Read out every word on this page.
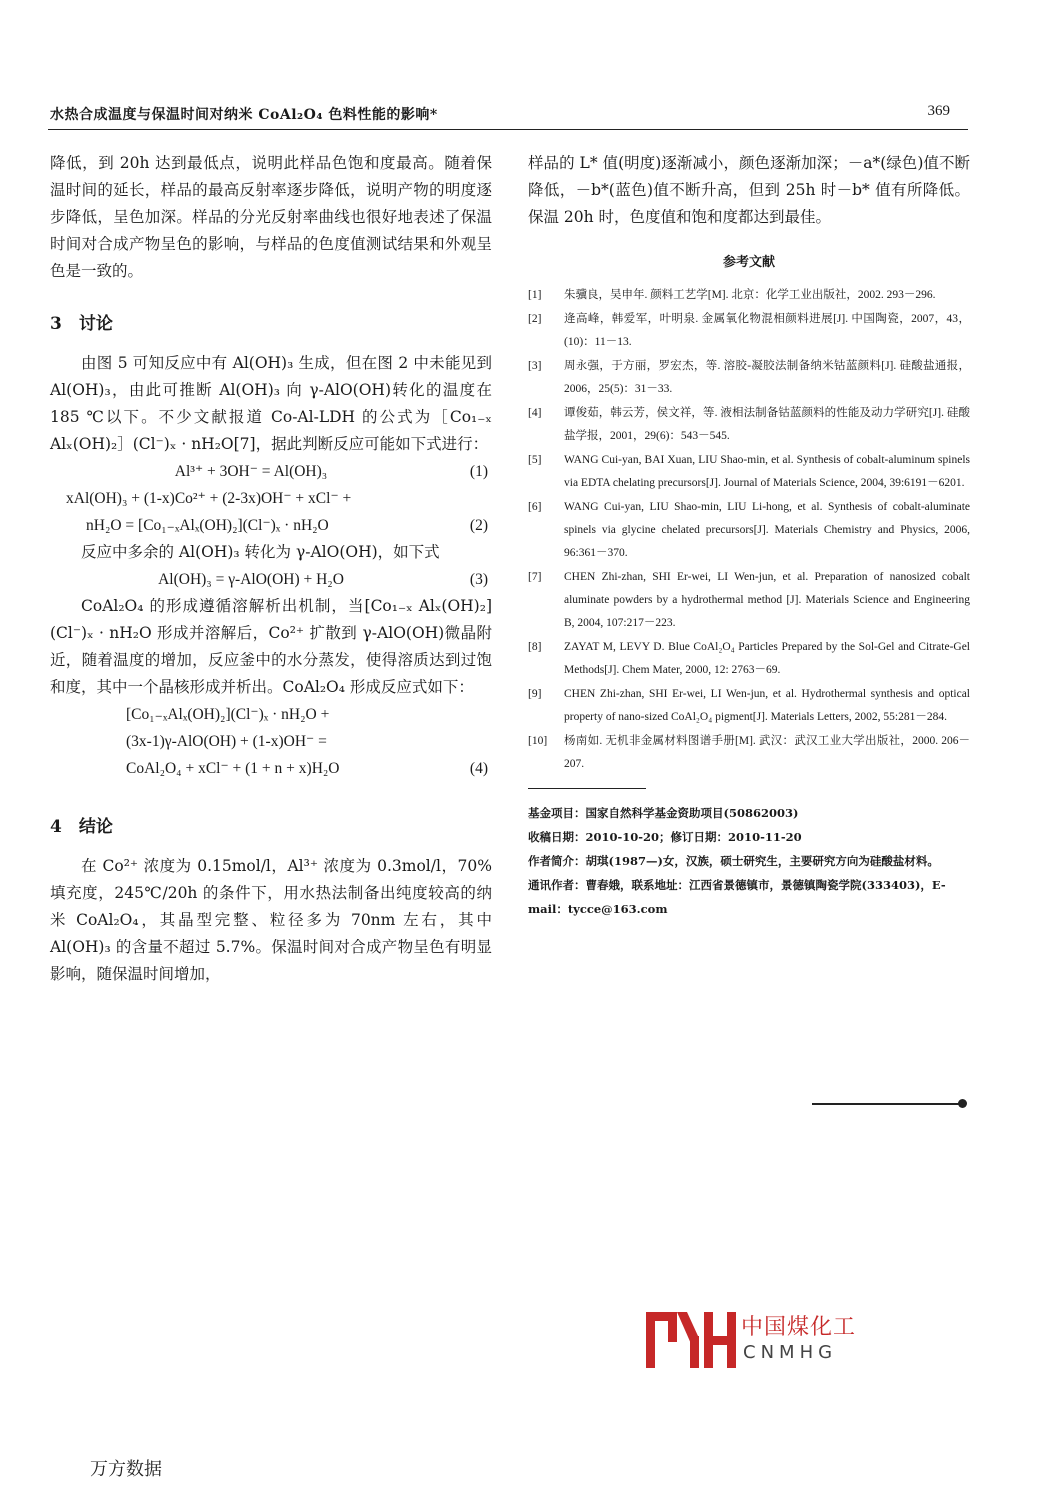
水热合成温度与保温时间对纳米 CoAl₂O₄ 色料性能的影响*	369

降低，到 20h 达到最低点，说明此样品色饱和度最高。随着保温时间的延长，样品的最高反射率逐步降低，说明产物的明度逐步降低，呈色加深。样品的分光反射率曲线也很好地表述了保温时间对合成产物呈色的影响，与样品的色度值测试结果和外观呈色是一致的。

3　讨论

由图 5 可知反应中有 Al(OH)₃ 生成，但在图 2 中未能见到 Al(OH)₃，由此可推断 Al(OH)₃ 向 γ-AlO(OH)转化的温度在 185 ℃以下。不少文献报道 Co-Al-LDH 的公式为［Co₁₋ₓ Alₓ(OH)₂］(Cl⁻)ₓ · nH₂O[7]，据此判断反应可能如下式进行：

Al³⁺ + 3OH⁻ = Al(OH)₃	(1)
xAl(OH)₃ + (1-x)Co²⁺ + (2-3x)OH⁻ + xCl⁻ +
nH₂O = [Co₁₋ₓAlₓ(OH)₂](Cl⁻)ₓ · nH₂O	(2)

反应中多余的 Al(OH)₃ 转化为 γ-AlO(OH)，如下式

Al(OH)₃ = γ-AlO(OH) + H₂O	(3)

CoAl₂O₄ 的形成遵循溶解析出机制，当[Co₁₋ₓ Alₓ(OH)₂](Cl⁻)ₓ · nH₂O 形成并溶解后，Co²⁺ 扩散到 γ-AlO(OH)微晶附近，随着温度的增加，反应釜中的水分蒸发，使得溶质达到过饱和度，其中一个晶核形成并析出。CoAl₂O₄ 形成反应式如下：

[Co₁₋ₓAlₓ(OH)₂](Cl⁻)ₓ · nH₂O +
(3x-1)γ-AlO(OH) + (1-x)OH⁻ =
CoAl₂O₄ + xCl⁻ + (1 + n + x)H₂O	(4)
4　结论

在 Co²⁺ 浓度为 0.15mol/l，Al³⁺ 浓度为 0.3mol/l，70% 填充度，245℃/20h 的条件下，用水热法制备出纯度较高的纳米 CoAl₂O₄，其晶型完整、粒径多为 70nm 左右，其中 Al(OH)₃ 的含量不超过 5.7%。保温时间对合成产物呈色有明显影响，随保温时间增加，

样品的 L* 值(明度)逐渐减小，颜色逐渐加深；－a*(绿色)值不断降低，－b*(蓝色)值不断升高，但到 25h 时－b* 值有所降低。保温 20h 时，色度值和饱和度都达到最佳。

参考文献
[1]	朱骥良，吴申年. 颜料工艺学[M]. 北京：化学工业出版社，2002. 293－296.
[2]	逄高峰，韩爱军，叶明泉. 金属氧化物混相颜料进展[J]. 中国陶瓷，2007，43，(10)：11－13.
[3]	周永强，于方丽，罗宏杰，等. 溶胶-凝胶法制备纳米钴蓝颜料[J]. 硅酸盐通报，2006，25(5)：31－33.
[4]	谭俊茹，韩云芳，侯文祥，等. 液相法制备钴蓝颜料的性能及动力学研究[J]. 硅酸盐学报，2001，29(6)：543－545.
[5]	WANG Cui-yan, BAI Xuan, LIU Shao-min, et al. Synthesis of cobalt-aluminum spinels via EDTA chelating precursors[J]. Journal of Materials Science, 2004, 39:6191－6201.
[6]	WANG Cui-yan, LIU Shao-min, LIU Li-hong, et al. Synthesis of cobalt-aluminate spinels via glycine chelated precursors[J]. Materials Chemistry and Physics, 2006, 96:361－370.
[7]	CHEN Zhi-zhan, SHI Er-wei, LI Wen-jun, et al. Preparation of nanosized cobalt aluminate powders by a hydrothermal method [J]. Materials Science and Engineering B, 2004, 107:217－223.
[8]	ZAYAT M, LEVY D. Blue CoAl₂O₄ Particles Prepared by the Sol-Gel and Citrate-Gel Methods[J]. Chem Mater, 2000, 12: 2763－69.
[9]	CHEN Zhi-zhan, SHI Er-wei, LI Wen-jun, et al. Hydrothermal synthesis and optical property of nano-sized CoAl₂O₄ pigment[J]. Materials Letters, 2002, 55:281－284.
[10]	杨南如. 无机非金属材料图谱手册[M]. 武汉：武汉工业大学出版社，2000. 206－207.

基金项目：国家自然科学基金资助项目(50862003)

收稿日期：2010-10-20；修订日期：2010-11-20

作者简介：胡琪(1987—)女，汉族，硕士研究生，主要研究方向为硅酸盐材料。

通讯作者：曹春娥，联系地址：江西省景德镇市，景德镇陶瓷学院(333403)，E-mail：tycce@163.com

中国煤化工
CNMHG
万方数据
